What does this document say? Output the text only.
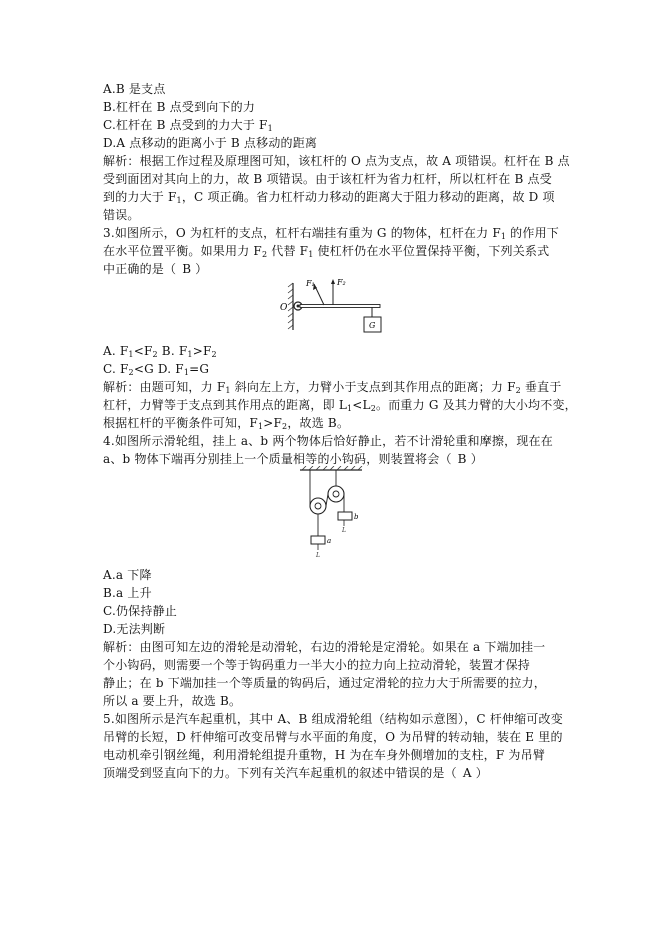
A.B 是支点
B.杠杆在 B 点受到向下的力
C.杠杆在 B 点受到的力大于 $F_1$
D.A 点移动的距离小于 B 点移动的距离
解析：根据工作过程及原理图可知，该杠杆的 O 点为支点，故 A 项错误。杠杆在 B 点
受到面团对其向上的力，故 B 项错误。由于该杠杆为省力杠杆，所以杠杆在 B 点受
到的力大于 $F_1$，C 项正确。省力杠杆动力移动的距离大于阻力移动的距离，故 D 项
错误。
3.如图所示，O 为杠杆的支点，杠杆右端挂有重为 G 的物体，杠杆在力 $F_1$ 的作用下
在水平位置平衡。如果用力 $F_2$ 代替 $F_1$ 使杠杆仍在水平位置保持平衡，下列关系式
中正确的是（ B ）
O
F₁	F₂
G
A. $F_1<F_2$ B. $F_1>F_2$
C. $F_2<G$ D. $F_1=G$
解析：由题可知，力 $F_1$ 斜向左上方，力臂小于支点到其作用点的距离；力 $F_2$ 垂直于
杠杆，力臂等于支点到其作用点的距离，即 $L_1<L_2$。而重力 G 及其力臂的大小均不变，
根据杠杆的平衡条件可知，$F_1>F_2$，故选 B。
4.如图所示滑轮组，挂上 a、b 两个物体后恰好静止，若不计滑轮重和摩擦，现在在
a、b 物体下端再分别挂上一个质量相等的小钩码，则装置将会（ B ）
b
L
a
L
A.a 下降
B.a 上升
C.仍保持静止
D.无法判断
解析：由图可知左边的滑轮是动滑轮，右边的滑轮是定滑轮。如果在 a 下端加挂一
个小钩码，则需要一个等于钩码重力一半大小的拉力向上拉动滑轮，装置才保持
静止；在 b 下端加挂一个等质量的钩码后，通过定滑轮的拉力大于所需要的拉力，
所以 a 要上升，故选 B。
5.如图所示是汽车起重机，其中 A、B 组成滑轮组（结构如示意图），C 杆伸缩可改变
吊臂的长短，D 杆伸缩可改变吊臂与水平面的角度，O 为吊臂的转动轴，装在 E 里的
电动机牵引钢丝绳，利用滑轮组提升重物，H 为在车身外侧增加的支柱，F 为吊臂
顶端受到竖直向下的力。下列有关汽车起重机的叙述中错误的是（ A ）
